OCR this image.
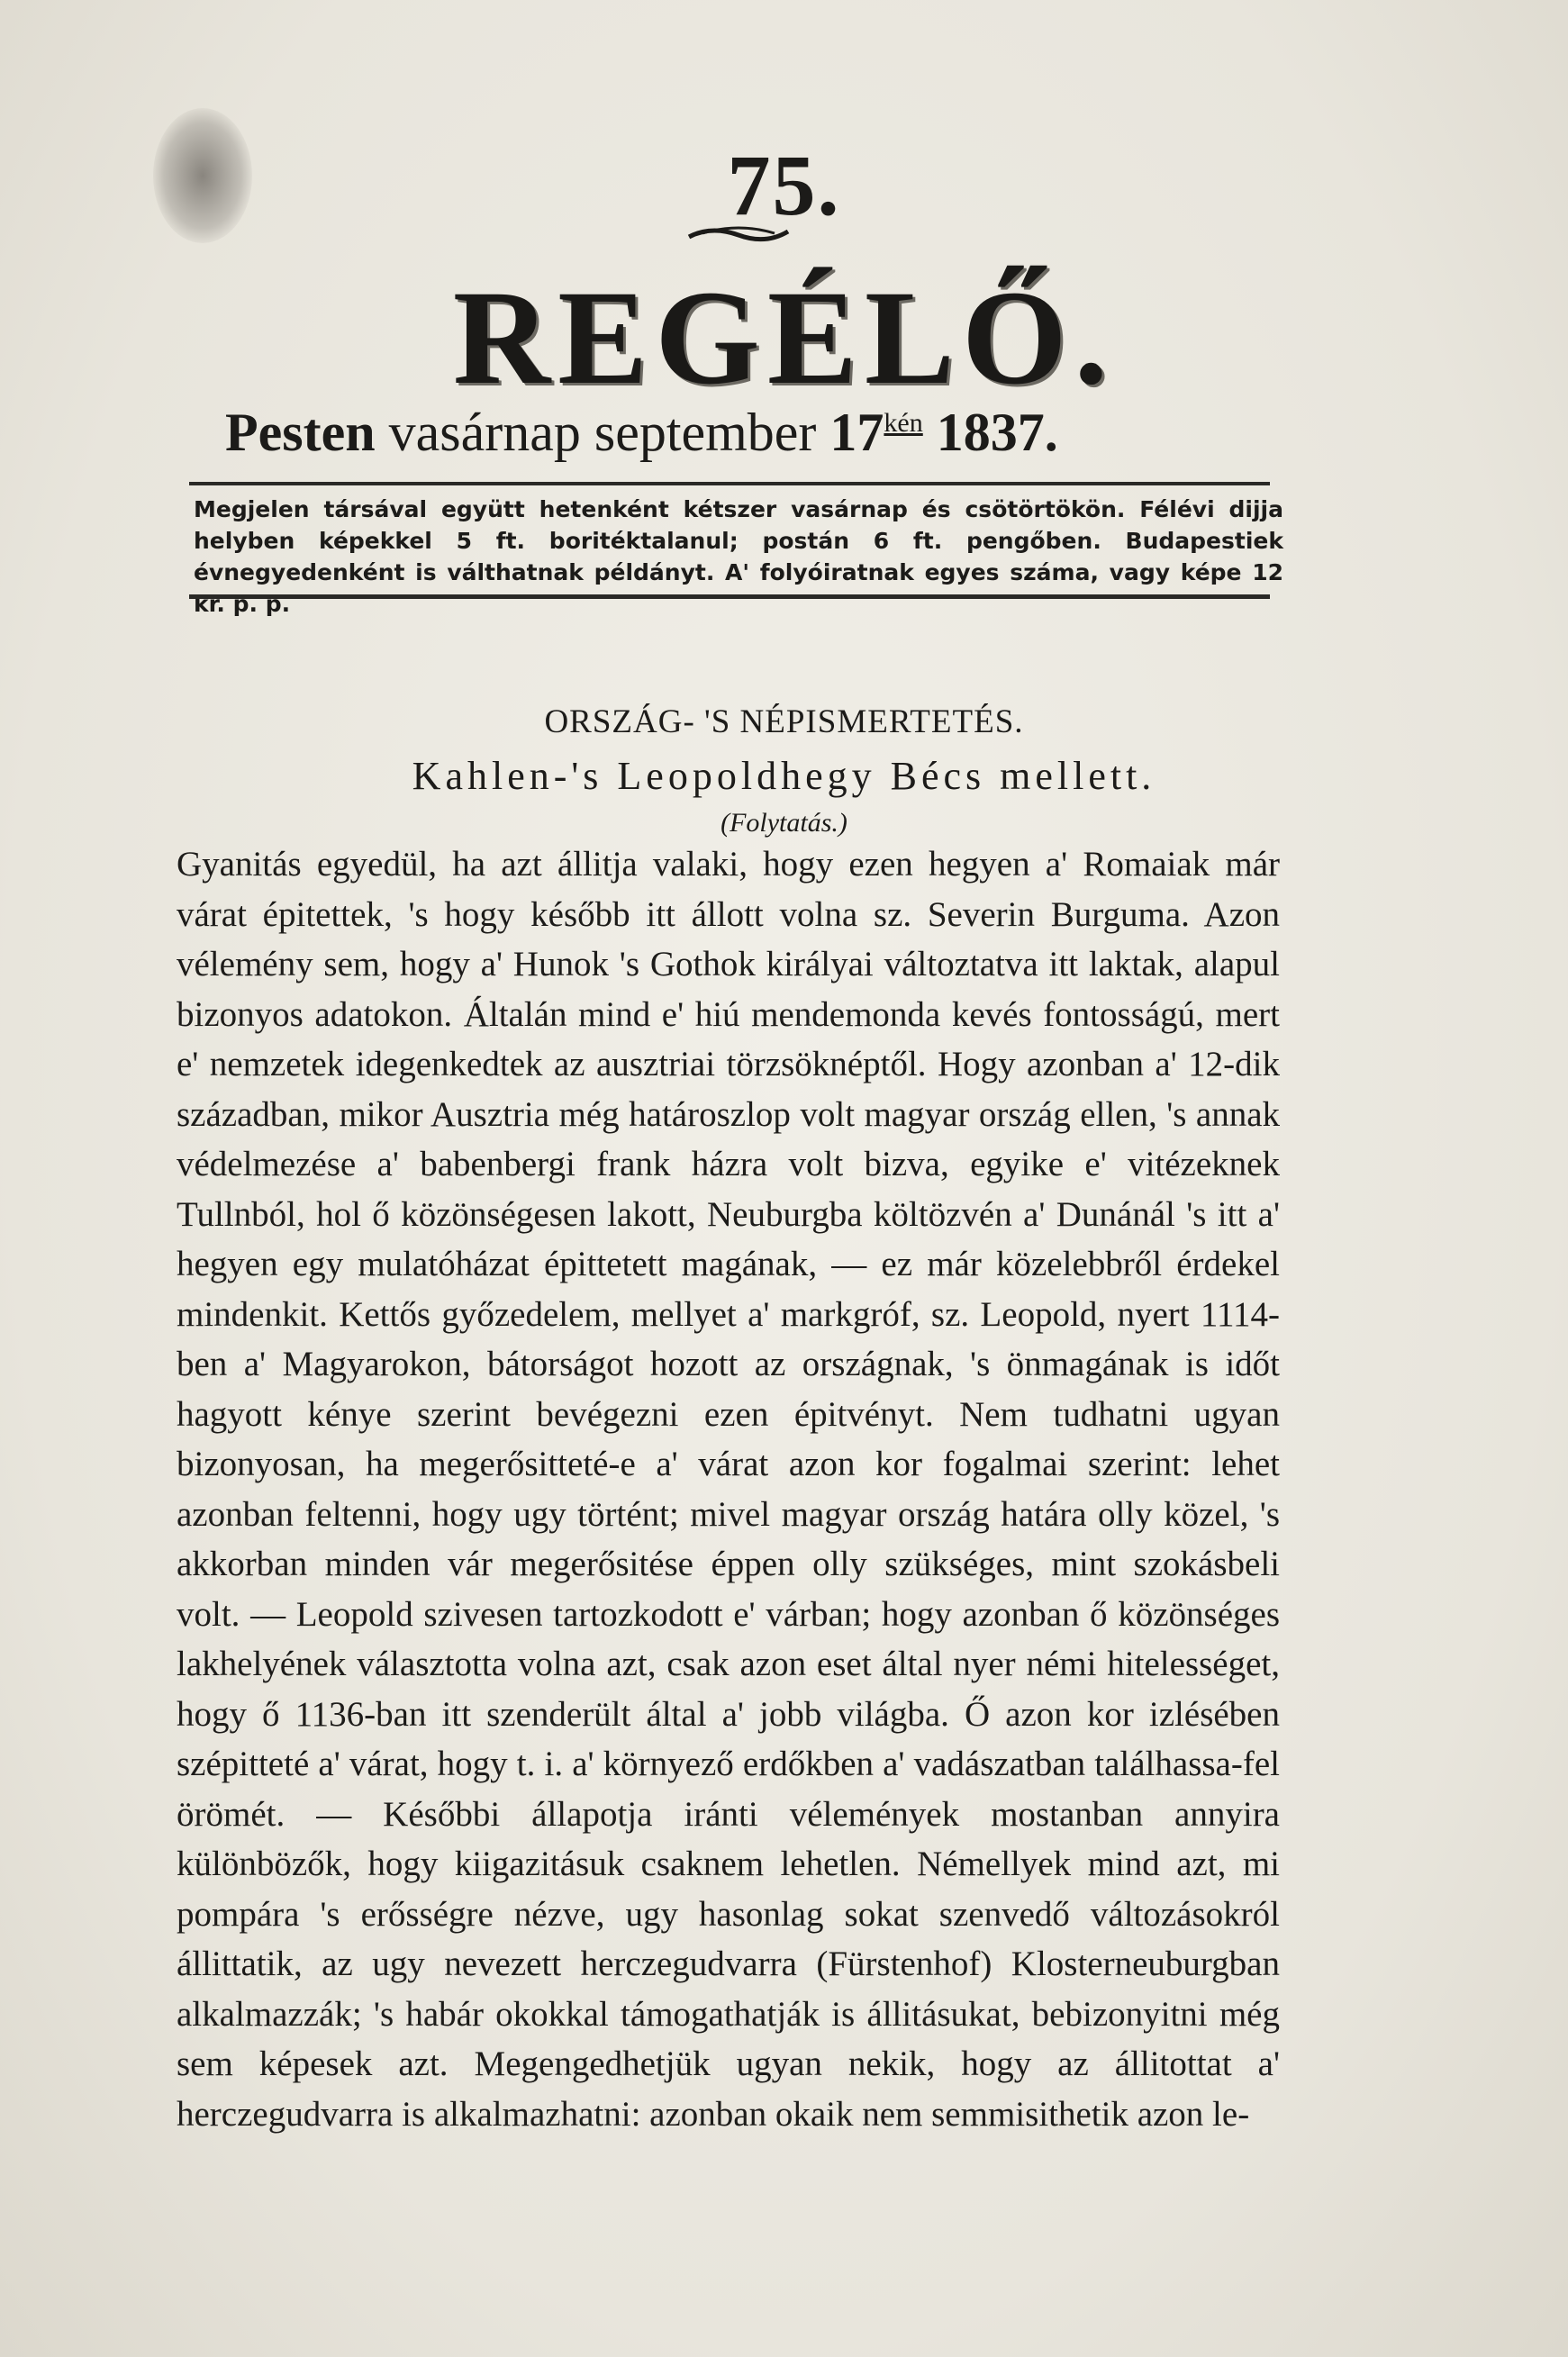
75.
REGÉLŐ.
Pesten vasárnap september $17^{kén}$ 1837.
Megjelen társával együtt hetenként kétszer vasárnap és csötörtökön. Félévi dijja helyben képekkel 5 ft. boritéktalanul; postán 6 ft. pengőben. Budapestiek évnegyedenként is válthatnak példányt. A' folyóiratnak egyes száma, vagy képe 12 kr. p. p.
ORSZÁG- 'S NÉPISMERTETÉS.
Kahlen-'s Leopoldhegy Bécs mellett.
(Folytatás.)
Gyanitás egyedül, ha azt állitja valaki, hogy ezen hegyen a' Romaiak már várat épitettek, 's hogy később itt állott volna sz. Severin Burguma. Azon vélemény sem, hogy a' Hunok 's Gothok királyai változtatva itt laktak, alapul bizonyos adatokon. Általán mind e' hiú mendemonda kevés fontosságú, mert e' nemzetek idegenkedtek az ausztriai törzsöknéptől. Hogy azonban a' 12-dik században, mikor Ausztria még határoszlop volt magyar ország ellen, 's annak védelmezése a' babenbergi frank házra volt bizva, egyike e' vitézeknek Tullnból, hol ő közönségesen lakott, Neuburgba költözvén a' Dunánál 's itt a' hegyen egy mulatóházat épittetett magának, — ez már közelebbről érdekel mindenkit. Kettős győzedelem, mellyet a' markgróf, sz. Leopold, nyert 1114-ben a' Magyarokon, bátorságot hozott az országnak, 's önmagának is időt hagyott kénye szerint bevégezni ezen épitvényt. Nem tudhatni ugyan bizonyosan, ha megerősitteté-e a' várat azon kor fogalmai szerint: lehet azonban feltenni, hogy ugy történt; mivel magyar ország határa olly közel, 's akkorban minden vár megerősitése éppen olly szükséges, mint szokásbeli volt. — Leopold szivesen tartozkodott e' várban; hogy azonban ő közönséges lakhelyének választotta volna azt, csak azon eset által nyer némi hitelességet, hogy ő 1136-ban itt szenderült által a' jobb világba. Ő azon kor izlésében szépitteté a' várat, hogy t. i. a' környező erdőkben a' vadászatban találhassa-fel örömét. — Későbbi állapotja iránti vélemények mostanban annyira különbözők, hogy kiigazitásuk csaknem lehetlen. Némellyek mind azt, mi pompára 's erősségre nézve, ugy hasonlag sokat szenvedő változásokról állittatik, az ugy nevezett herczegudvarra (Fürstenhof) Klosterneuburgban alkalmazzák; 's habár okokkal támogathatják is állitásukat, bebizonyitni még sem képesek azt. Megengedhetjük ugyan nekik, hogy az állitottat a' herczegudvarra is alkalmazhatni: azonban okaik nem semmisithetik azon le-
